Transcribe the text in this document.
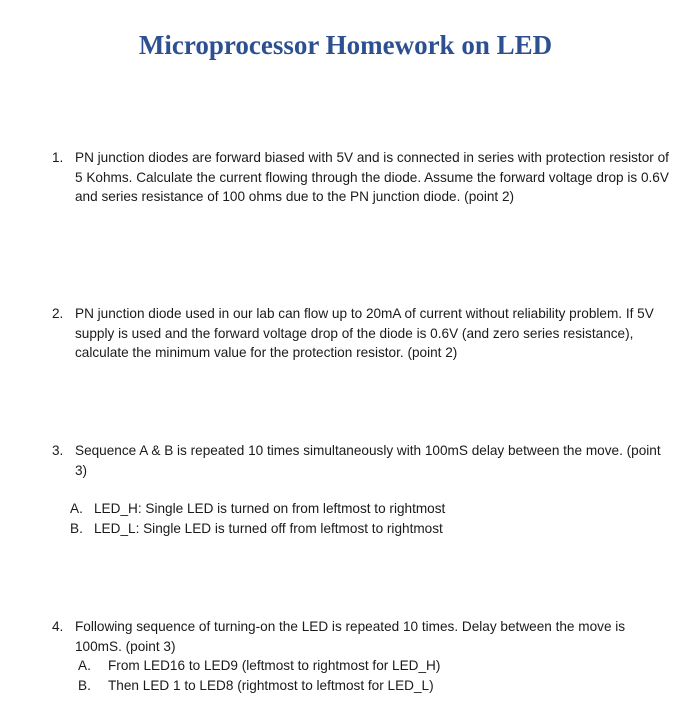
Microprocessor Homework on LED
1. PN junction diodes are forward biased with 5V and is connected in series with protection resistor of 5 Kohms. Calculate the current flowing through the diode. Assume the forward voltage drop is 0.6V and series resistance of 100 ohms due to the PN junction diode. (point 2)
2. PN junction diode used in our lab can flow up to 20mA of current without reliability problem. If 5V supply is used and the forward voltage drop of the diode is 0.6V (and zero series resistance), calculate the minimum value for the protection resistor. (point 2)
3. Sequence A & B is repeated 10 times simultaneously with 100mS delay between the move. (point 3)
A. LED_H: Single LED is turned on from leftmost to rightmost
B. LED_L: Single LED is turned off from leftmost to rightmost
4. Following sequence of turning-on the LED is repeated 10 times. Delay between the move is 100mS. (point 3)
A. From LED16 to LED9 (leftmost to rightmost for LED_H)
B. Then LED 1 to LED8 (rightmost to leftmost for LED_L)
